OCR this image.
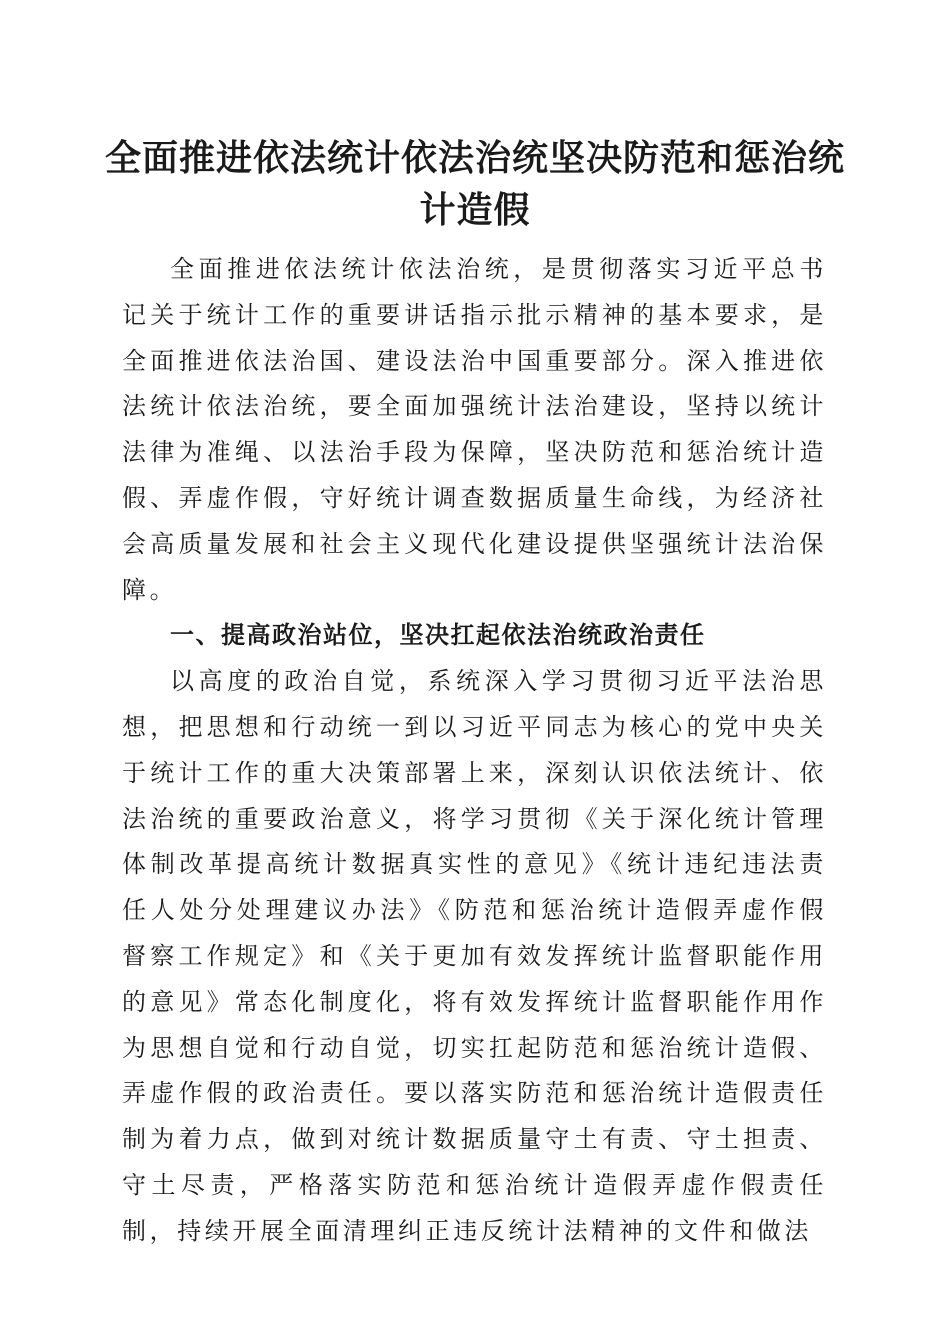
全面推进依法统计依法治统坚决防范和惩治统计造假

全面推进依法统计依法治统，是贯彻落实习近平总书记关于统计工作的重要讲话指示批示精神的基本要求，是全面推进依法治国、建设法治中国重要部分。深入推进依法统计依法治统，要全面加强统计法治建设，坚持以统计法律为准绳、以法治手段为保障，坚决防范和惩治统计造假、弄虚作假，守好统计调查数据质量生命线，为经济社会高质量发展和社会主义现代化建设提供坚强统计法治保障。

一、提高政治站位，坚决扛起依法治统政治责任

以高度的政治自觉，系统深入学习贯彻习近平法治思想，把思想和行动统一到以习近平同志为核心的党中央关于统计工作的重大决策部署上来，深刻认识依法统计、依法治统的重要政治意义，将学习贯彻《关于深化统计管理体制改革提高统计数据真实性的意见》《统计违纪违法责任人处分处理建议办法》《防范和惩治统计造假弄虚作假督察工作规定》和《关于更加有效发挥统计监督职能作用的意见》常态化制度化，将有效发挥统计监督职能作用作为思想自觉和行动自觉，切实扛起防范和惩治统计造假、弄虚作假的政治责任。要以落实防范和惩治统计造假责任制为着力点，做到对统计数据质量守土有责、守土担责、守土尽责，严格落实防范和惩治统计造假弄虚作假责任制，持续开展全面清理纠正违反统计法精神的文件和做法
